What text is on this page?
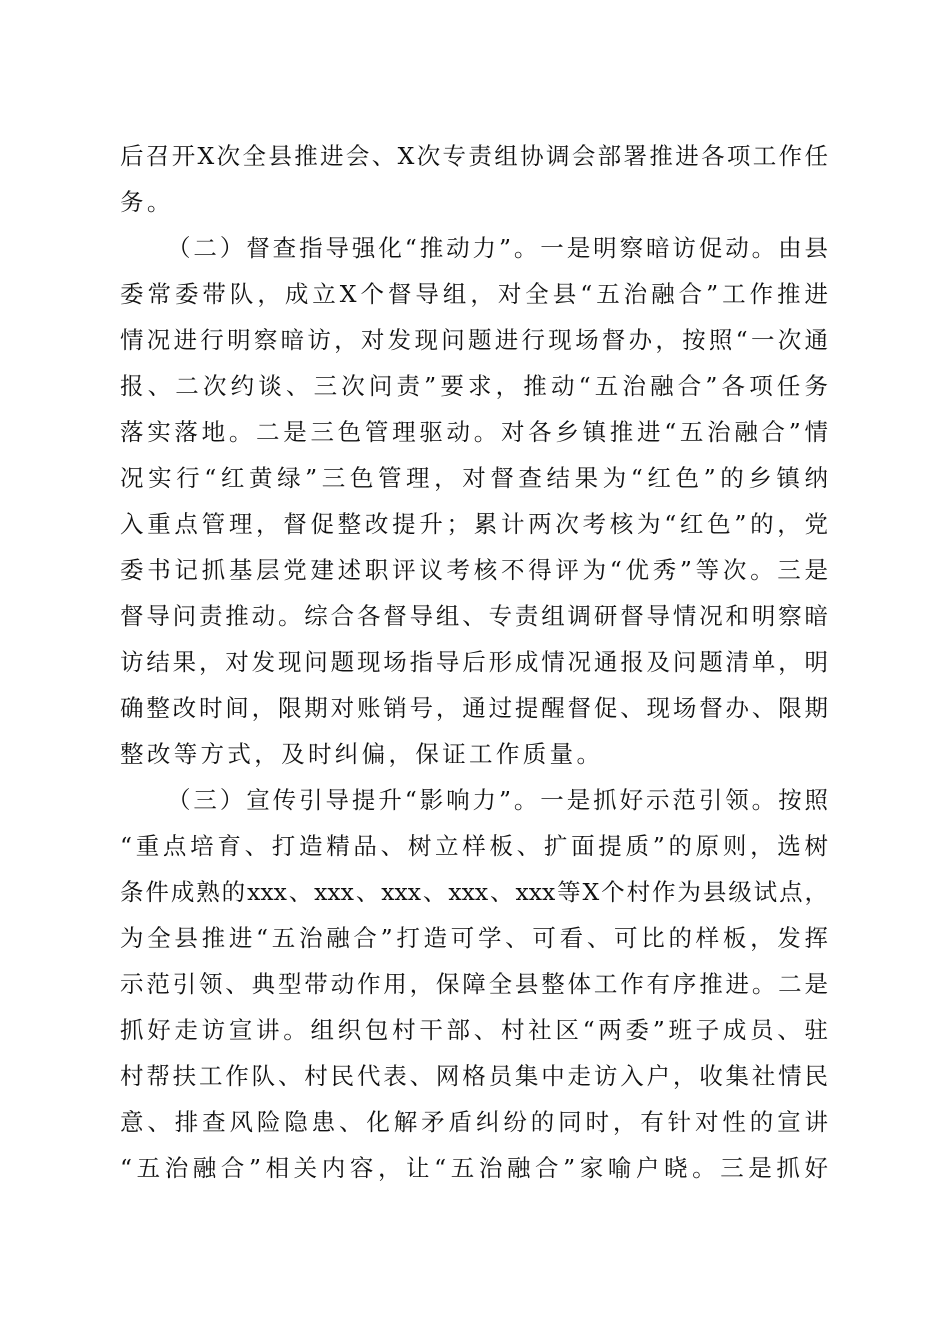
后召开X次全县推进会、X次专责组协调会部署推进各项工作任
务。
（二）督查指导强化“推动力”。一是明察暗访促动。由县
委常委带队，成立X个督导组，对全县“五治融合”工作推进
情况进行明察暗访，对发现问题进行现场督办，按照“一次通
报、二次约谈、三次问责”要求，推动“五治融合”各项任务
落实落地。二是三色管理驱动。对各乡镇推进“五治融合”情
况实行“红黄绿”三色管理，对督查结果为“红色”的乡镇纳
入重点管理，督促整改提升；累计两次考核为“红色”的，党
委书记抓基层党建述职评议考核不得评为“优秀”等次。三是
督导问责推动。综合各督导组、专责组调研督导情况和明察暗
访结果，对发现问题现场指导后形成情况通报及问题清单，明
确整改时间，限期对账销号，通过提醒督促、现场督办、限期
整改等方式，及时纠偏，保证工作质量。
（三）宣传引导提升“影响力”。一是抓好示范引领。按照
“重点培育、打造精品、树立样板、扩面提质”的原则，选树
条件成熟的xxx、xxx、xxx、xxx、xxx等X个村作为县级试点，
为全县推进“五治融合”打造可学、可看、可比的样板，发挥
示范引领、典型带动作用，保障全县整体工作有序推进。二是
抓好走访宣讲。组织包村干部、村社区“两委”班子成员、驻
村帮扶工作队、村民代表、网格员集中走访入户，收集社情民
意、排查风险隐患、化解矛盾纠纷的同时，有针对性的宣讲
“五治融合”相关内容，让“五治融合”家喻户晓。三是抓好
